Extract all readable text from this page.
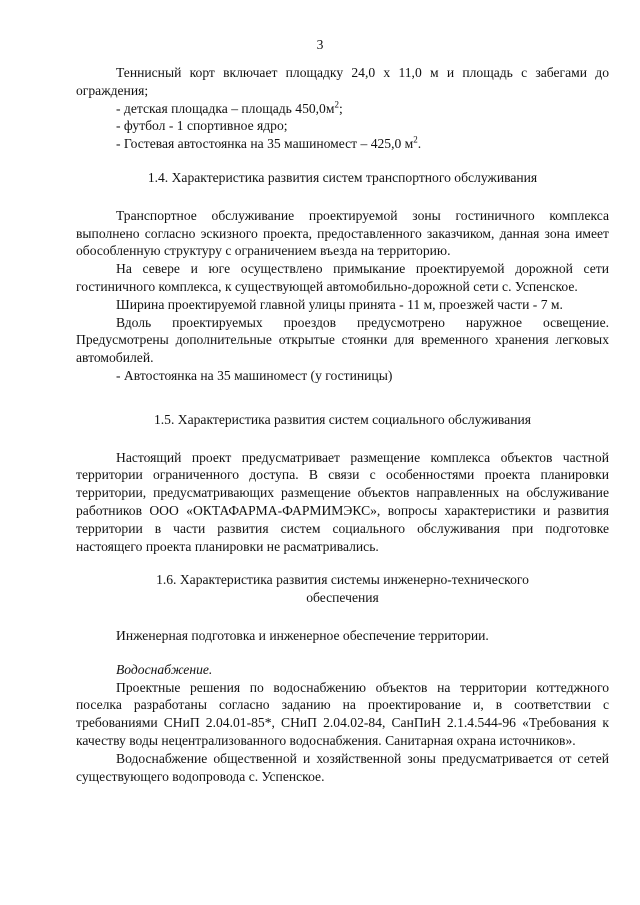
3

Теннисный корт включает площадку 24,0 х 11,0 м и площадь с забегами до ограждения;

- детская площадка – площадь $450,0м^2$;

- футбол - 1 спортивное ядро;

- Гостевая автостоянка на 35 машиномест – 425,0 $м^2$.

1.4. Характеристика развития систем транспортного обслуживания

Транспортное обслуживание проектируемой зоны гостиничного комплекса выполнено согласно эскизного проекта, предоставленного заказчиком, данная зона имеет обособленную структуру с ограничением въезда на территорию.

На севере и юге осуществлено примыкание проектируемой дорожной сети гостиничного комплекса, к существующей автомобильно-дорожной сети с. Успенское.

Ширина проектируемой главной улицы принята - 11 м, проезжей части - 7 м.

Вдоль проектируемых проездов предусмотрено наружное освещение. Предусмотрены дополнительные открытые стоянки для временного хранения легковых автомобилей.

- Автостоянка на 35 машиномест (у гостиницы)

1.5. Характеристика развития систем социального обслуживания

Настоящий проект предусматривает размещение комплекса объектов частной территории ограниченного доступа. В связи с особенностями проекта планировки территории, предусматривающих размещение объектов направленных на обслуживание работников ООО «ОКТАФАРМА-ФАРМИМЭКС», вопросы характеристики и развития территории в части развития систем социального обслуживания при подготовке настоящего проекта планировки не расматривались.

1.6. Характеристика развития системы инженерно-технического
обеспечения

Инженерная подготовка и инженерное обеспечение территории.

Водоснабжение.

Проектные решения по водоснабжению объектов на территории коттеджного поселка разработаны согласно заданию на проектирование и, в соответствии с требованиями СНиП 2.04.01-85*, СНиП 2.04.02-84, СанПиН 2.1.4.544-96 «Требования к качеству воды нецентрализованного водоснабжения. Санитарная охрана источников».

Водоснабжение общественной и хозяйственной зоны предусматривается от сетей существующего водопровода с. Успенское.
